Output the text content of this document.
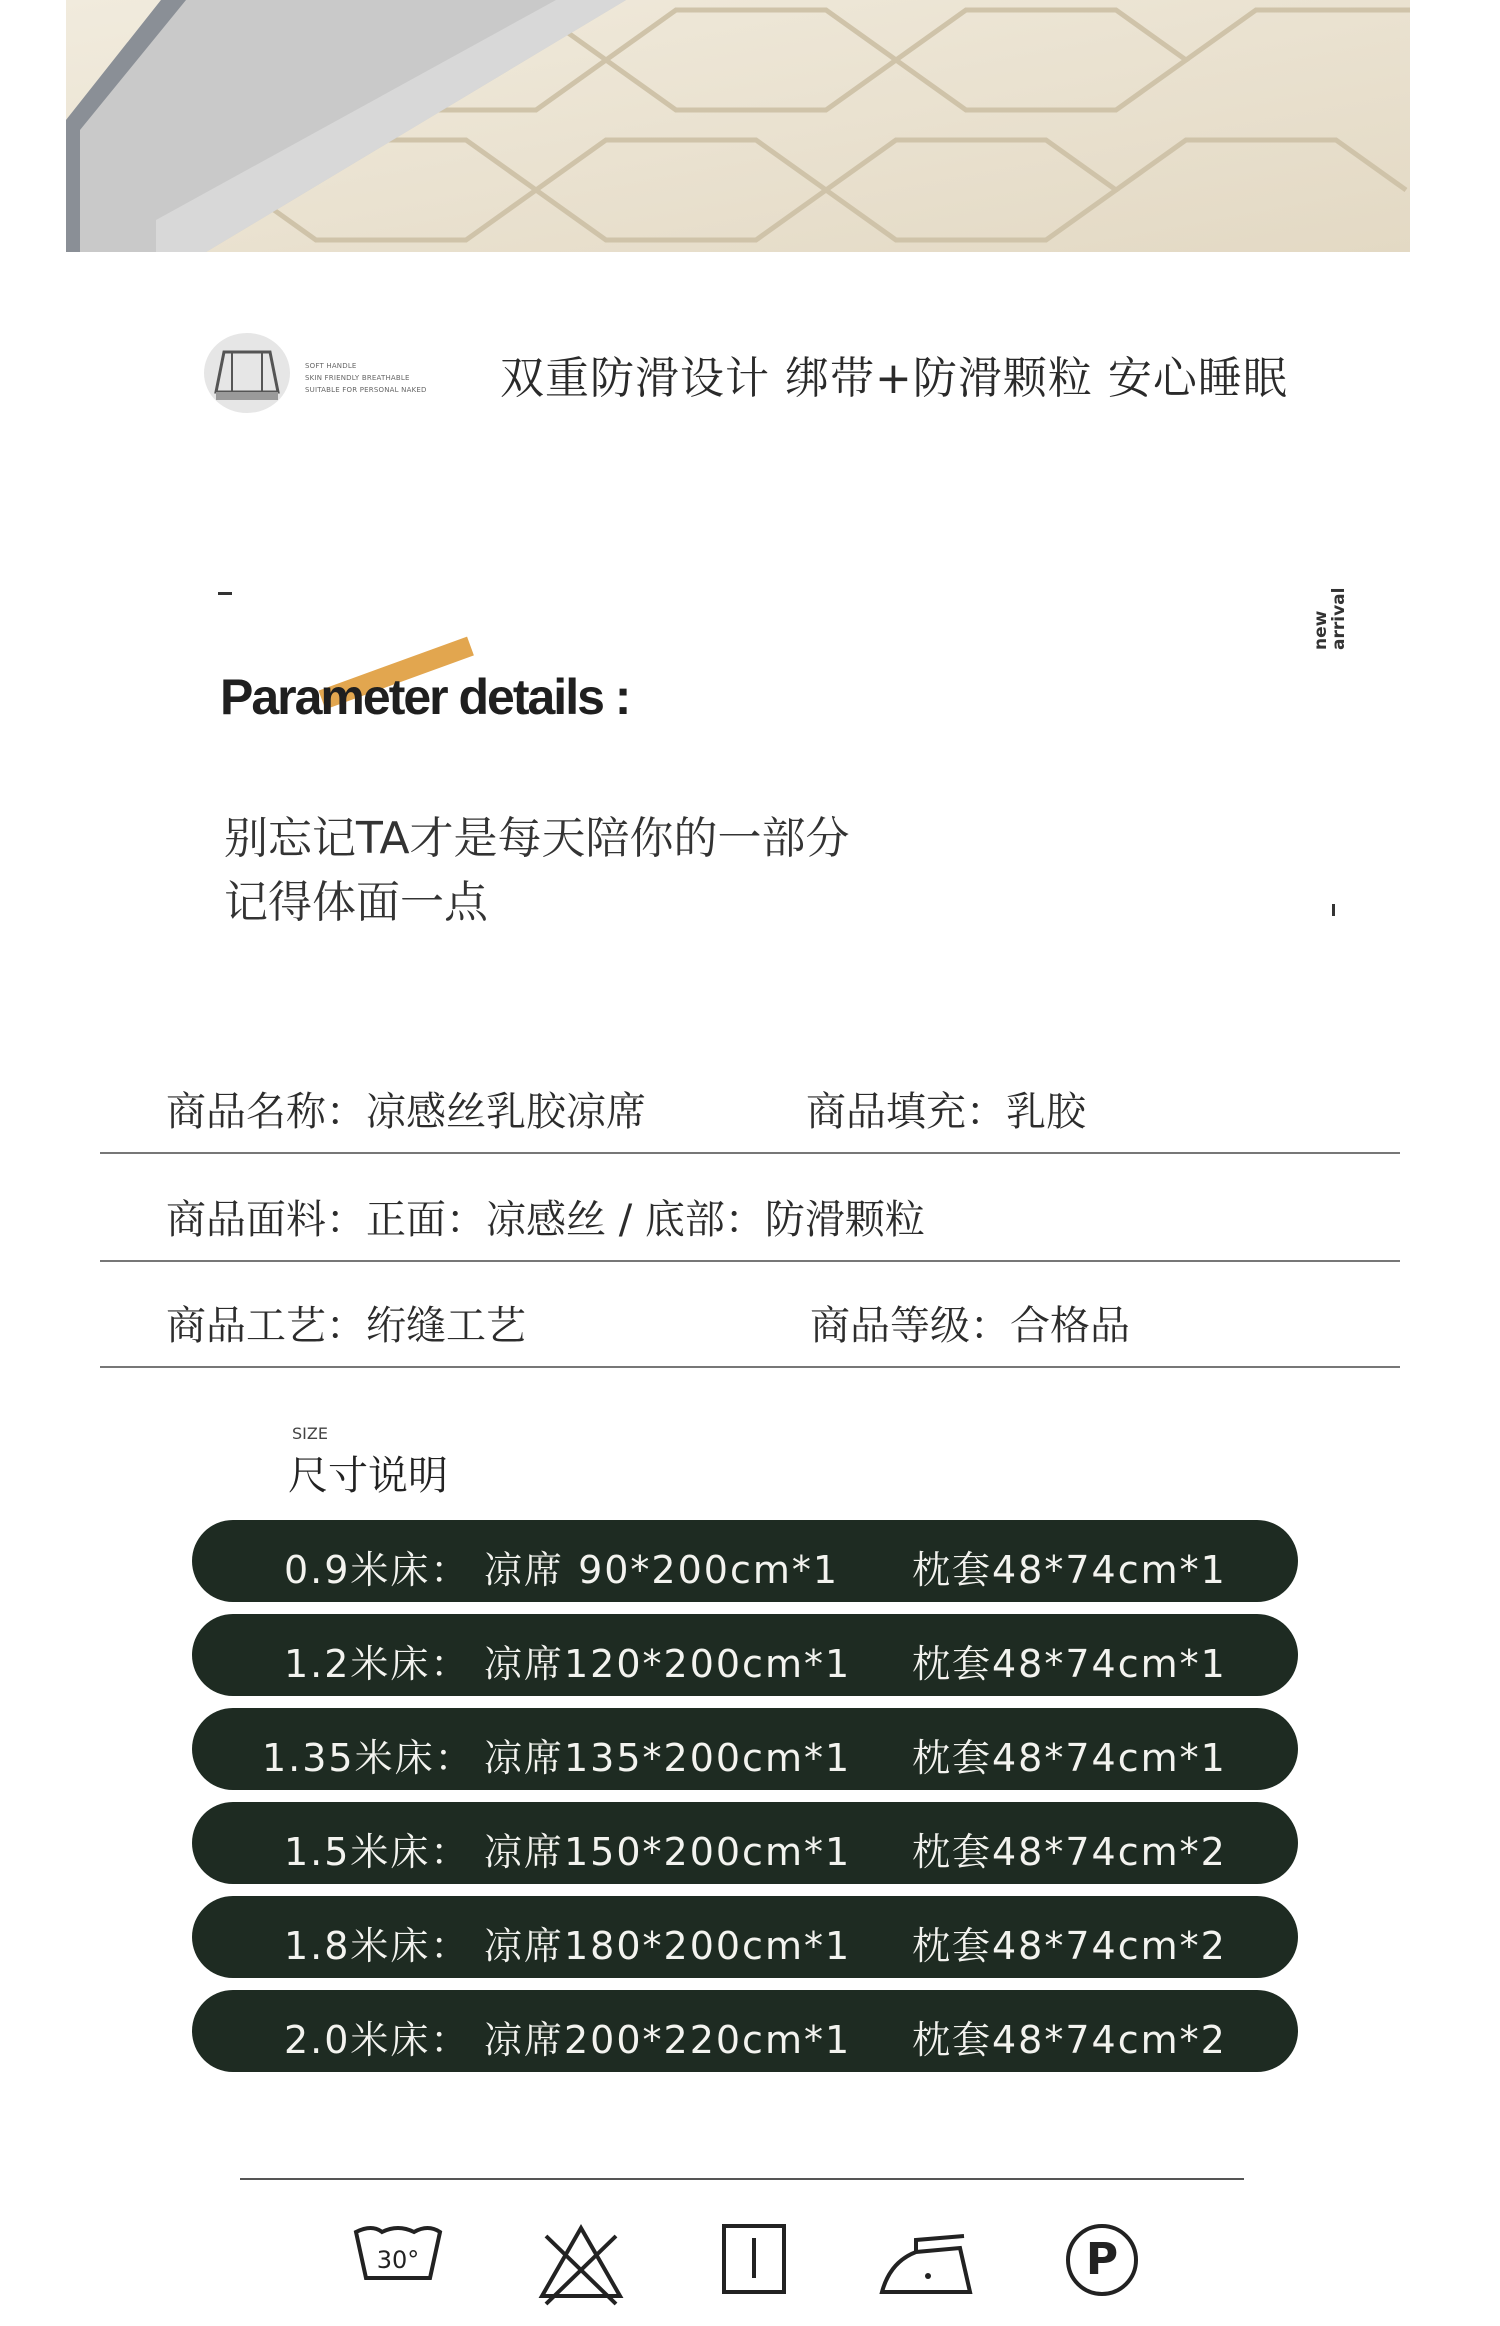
SOFT HANDLE
SKIN FRIENDLY BREATHABLE
SUITABLE FOR PERSONAL NAKED	双重防滑设计 绑带+防滑颗粒 安心睡眠
new
arrival
Parameter details :
别忘记TA才是每天陪你的一部分
记得体面一点
商品名称：凉感丝乳胶凉席	商品填充：乳胶
商品面料：正面：凉感丝 / 底部：防滑颗粒
商品工艺：绗缝工艺	商品等级：合格品
SIZE
尺寸说明
0.9米床： 凉席 90*200cm*1 枕套48*74cm*1
1.2米床： 凉席120*200cm*1 枕套48*74cm*1
1.35米床： 凉席135*200cm*1 枕套48*74cm*1
1.5米床： 凉席150*200cm*1 枕套48*74cm*2
1.8米床： 凉席180*200cm*1 枕套48*74cm*2
2.0米床： 凉席200*220cm*1 枕套48*74cm*2
30°	P
